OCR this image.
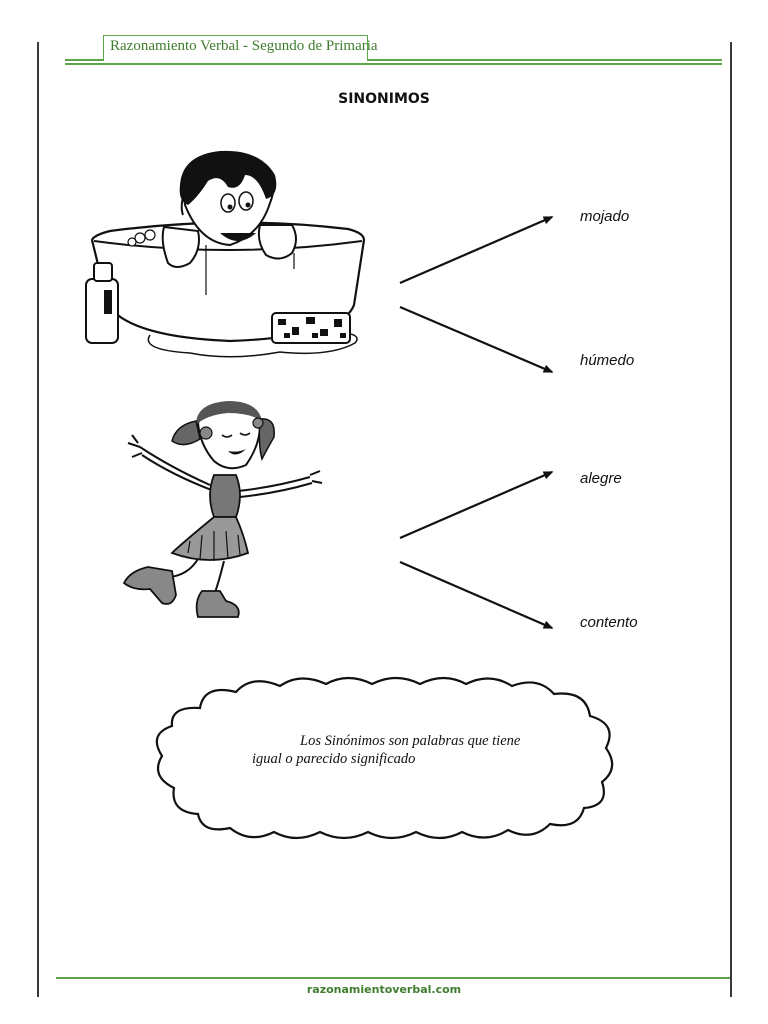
Razonamiento Verbal - Segundo de Primaria
SINONIMOS
mojado
húmedo
alegre
contento
Los Sinónimos son palabras que tiene
igual o parecido significado
razonamientoverbal.com
